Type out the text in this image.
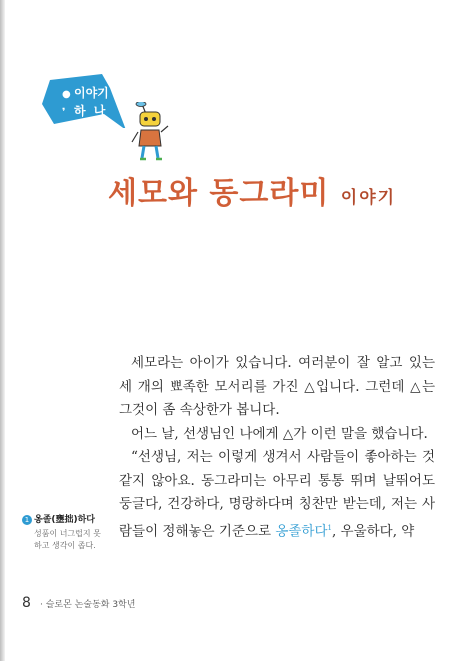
● 이야기
❜ 하 나
세모와 동그라미 이야기

세모라는 아이가 있습니다. 여러분이 잘 알고 있는 세 개의 뾰족한 모서리를 가진 △입니다. 그런데 △는 그것이 좀 속상한가 봅니다.

어느 날, 선생님인 나에게 △가 이런 말을 했습니다.

“선생님, 저는 이렇게 생겨서 사람들이 좋아하는 것 같지 않아요. 동그라미는 아무리 통통 뛰며 날뛰어도 둥글다, 건강하다, 명랑하다며 칭찬만 받는데, 저는 사람들이 정해놓은 기준으로 옹졸하다$^1$, 우울하다, 약

1 옹졸(壅拙)하다
성품이 너그럽지 못하고 생각이 좁다.
8 · 슬로몬 논술동화 3학년
